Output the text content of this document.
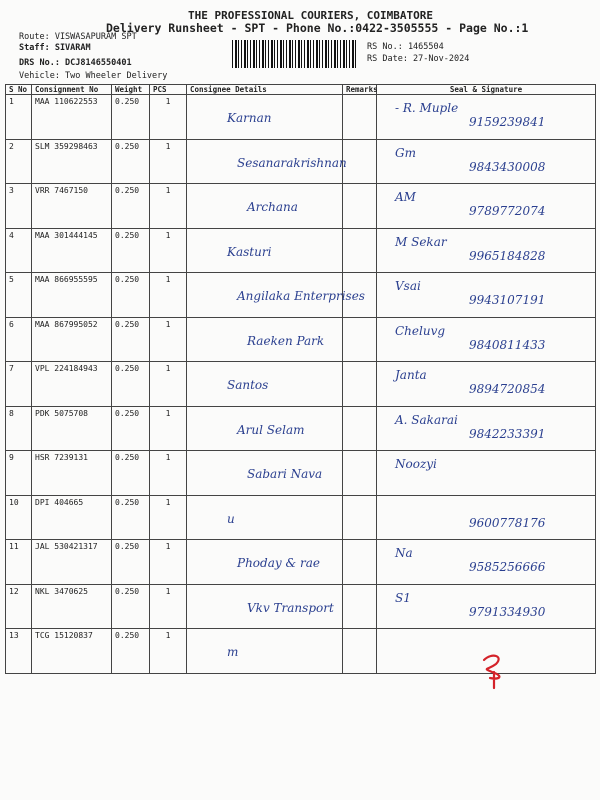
THE PROFESSIONAL COURIERS, COIMBATORE
Delivery Runsheet - SPT - Phone No.:0422-3505555 - Page No.:1
Route: VISWASAPURAM SPT
Staff: SIVARAM
DRS No.: DCJ8146550401
Vehicle: Two Wheeler Delivery
RS No.: 1465504
RS Date: 27-Nov-2024
S No	Consignment No	Weight	PCS	Consignee Details	Remarks	Seal & Signature
1	MAA 110622553	0.250	1	Karnan		- R. Muple
9159239841

2	SLM 359298463	0.250	1	Sesanarakrishnan		Gm
9843430008

3	VRR 7467150	0.250	1	Archana		AM
9789772074

4	MAA 301444145	0.250	1	Kasturi		M Sekar
9965184828

5	MAA 866955595	0.250	1	Angilaka Enterprises		Vsai
9943107191

6	MAA 867995052	0.250	1	Raeken Park		Cheluvg
9840811433

7	VPL 224184943	0.250	1	Santos		Janta
9894720854

8	PDK 5075708	0.250	1	Arul Selam		A. Sakarai
9842233391

9	HSR 7239131	0.250	1	Sabari Nava		Noozyi

10	DPI 404665	0.250	1	u		9600778176

11	JAL 530421317	0.250	1	Phoday & rae		Na
9585256666

12	NKL 3470625	0.250	1	Vkv Transport		S1
9791334930

13	TCG 15120837	0.250	1	m		
